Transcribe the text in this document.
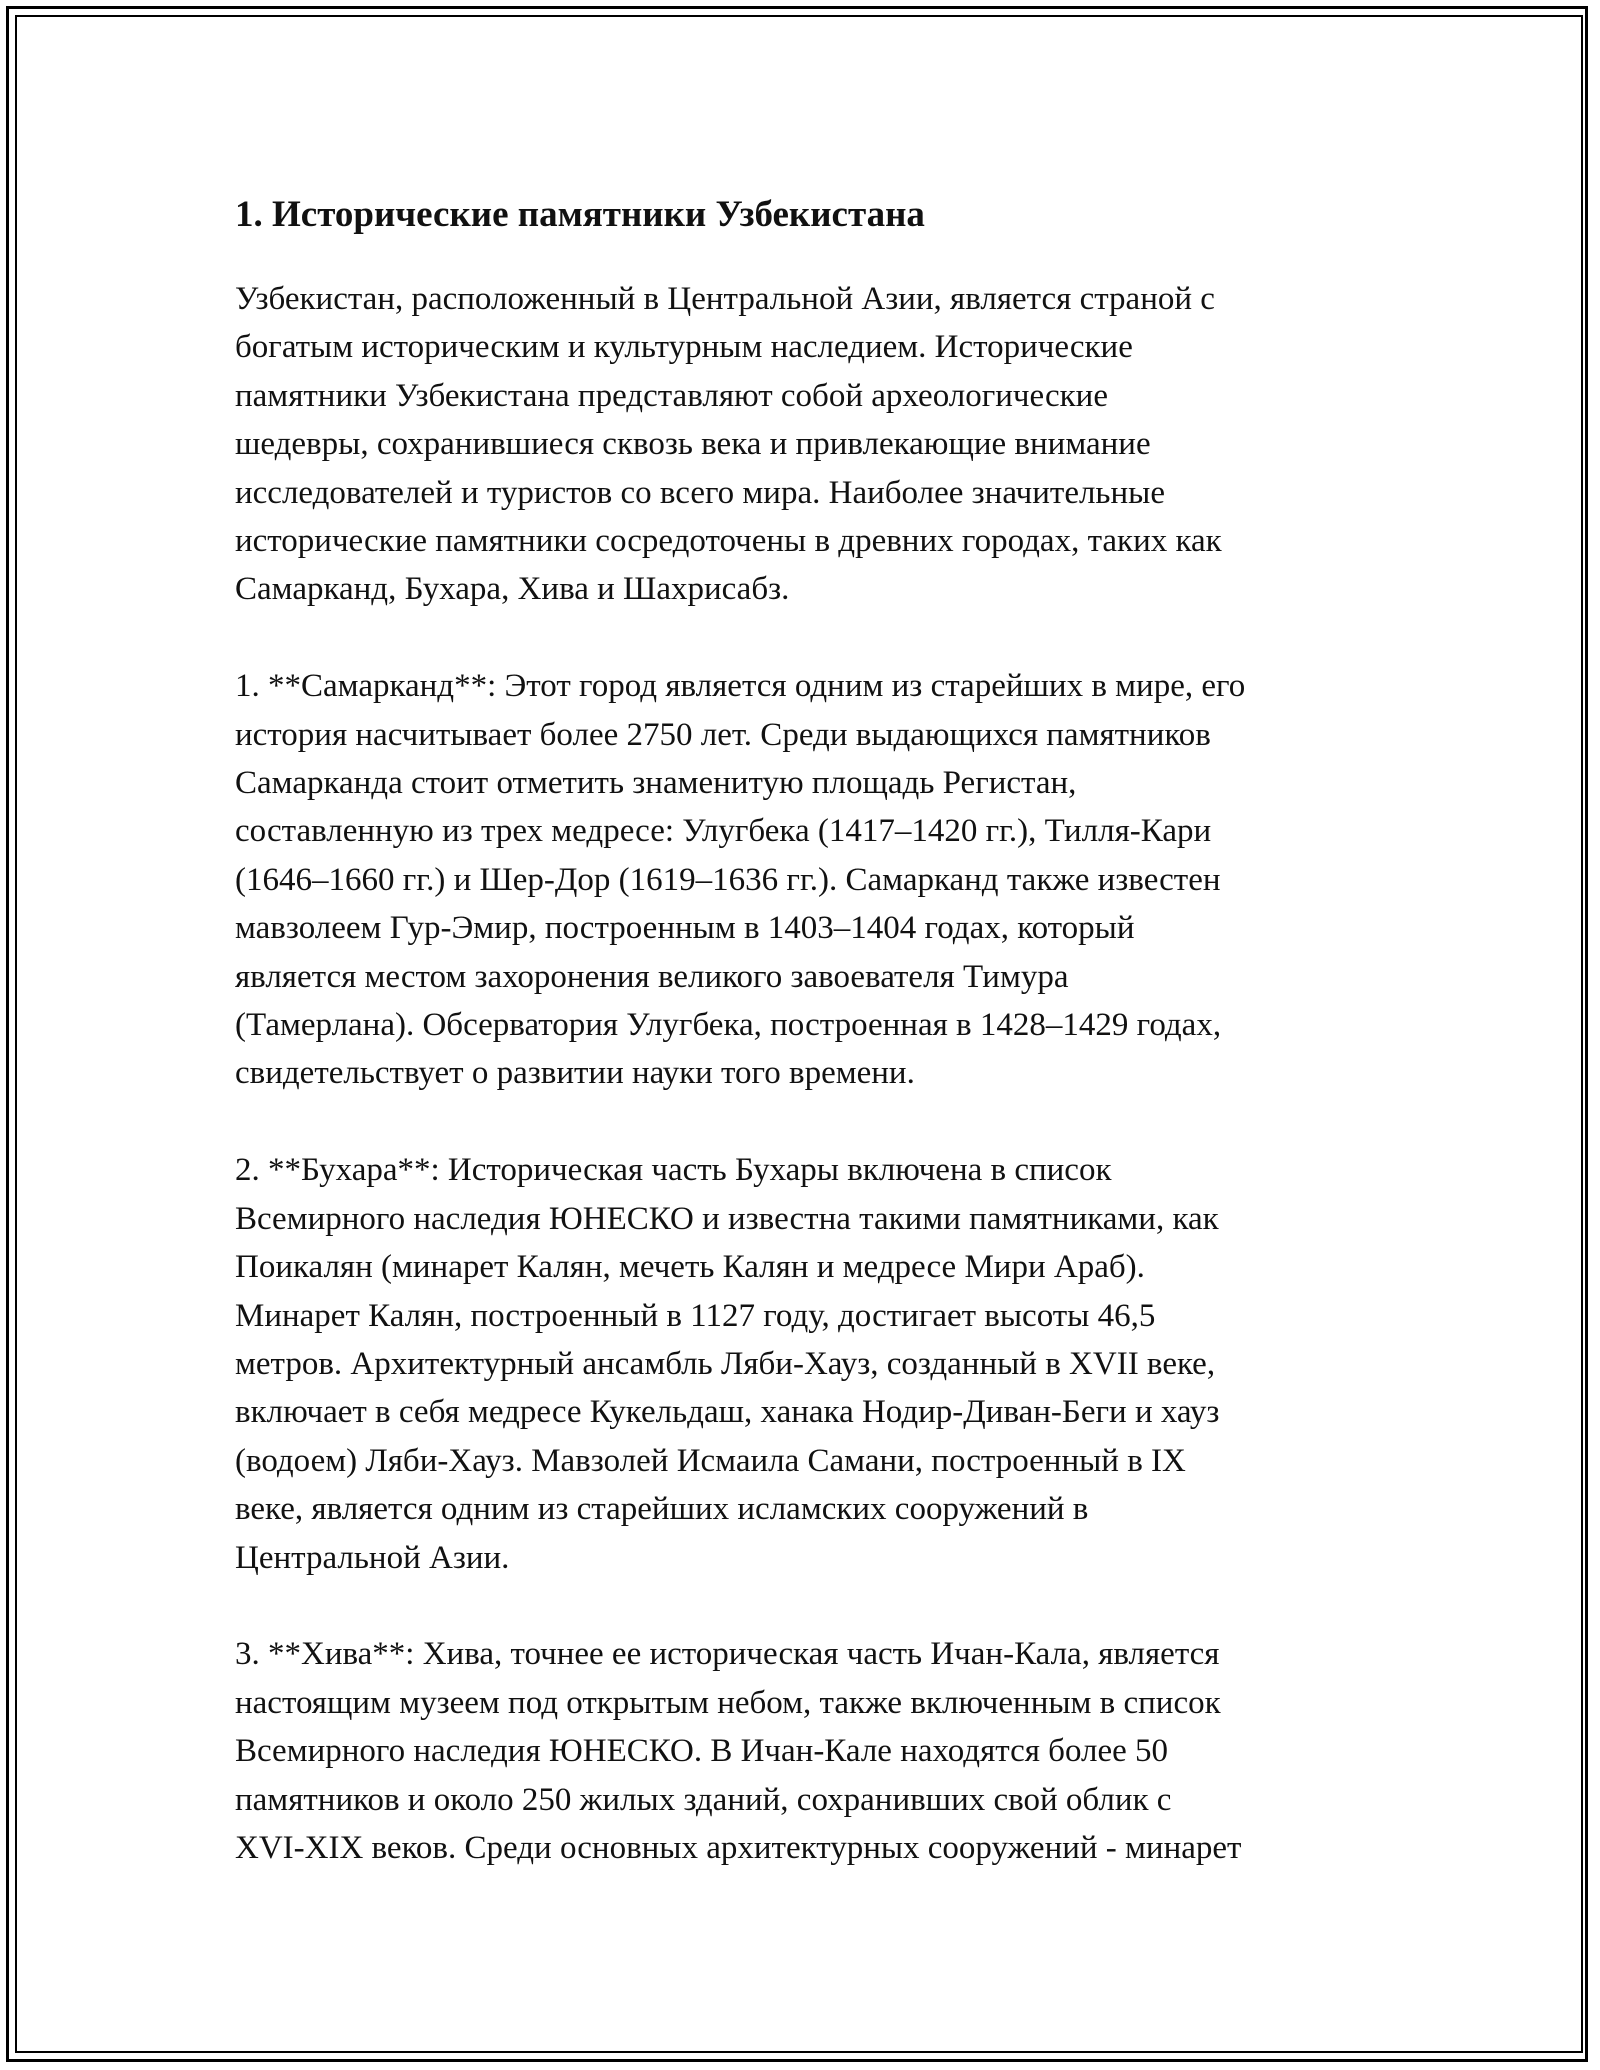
1. Исторические памятники Узбекистана

Узбекистан, расположенный в Центральной Азии, является страной с
богатым историческим и культурным наследием. Исторические
памятники Узбекистана представляют собой археологические
шедевры, сохранившиеся сквозь века и привлекающие внимание
исследователей и туристов со всего мира. Наиболее значительные
исторические памятники сосредоточены в древних городах, таких как
Самарканд, Бухара, Хива и Шахрисабз.

1. **Самарканд**: Этот город является одним из старейших в мире, его
история насчитывает более 2750 лет. Среди выдающихся памятников
Самарканда стоит отметить знаменитую площадь Регистан,
составленную из трех медресе: Улугбека (1417–1420 гг.), Тилля-Кари
(1646–1660 гг.) и Шер-Дор (1619–1636 гг.). Самарканд также известен
мавзолеем Гур-Эмир, построенным в 1403–1404 годах, который
является местом захоронения великого завоевателя Тимура
(Тамерлана). Обсерватория Улугбека, построенная в 1428–1429 годах,
свидетельствует о развитии науки того времени.

2. **Бухара**: Историческая часть Бухары включена в список
Всемирного наследия ЮНЕСКО и известна такими памятниками, как
Поикалян (минарет Калян, мечеть Калян и медресе Мири Араб).
Минарет Калян, построенный в 1127 году, достигает высоты 46,5
метров. Архитектурный ансамбль Ляби-Хауз, созданный в XVII веке,
включает в себя медресе Кукельдаш, ханака Нодир-Диван-Беги и хауз
(водоем) Ляби-Хауз. Мавзолей Исмаила Самани, построенный в IX
веке, является одним из старейших исламских сооружений в
Центральной Азии.

3. **Хива**: Хива, точнее ее историческая часть Ичан-Кала, является
настоящим музеем под открытым небом, также включенным в список
Всемирного наследия ЮНЕСКО. В Ичан-Кале находятся более 50
памятников и около 250 жилых зданий, сохранивших свой облик с
XVI-XIX веков. Среди основных архитектурных сооружений - минарет
